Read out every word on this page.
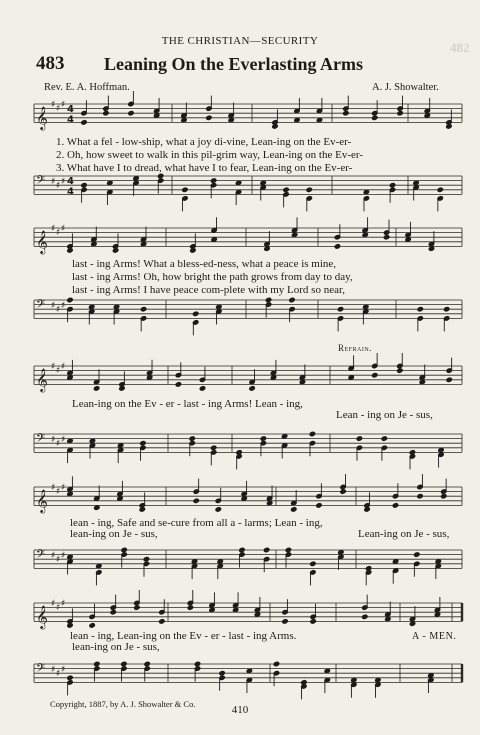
482
THE CHRISTIAN—SECURITY
483 Leaning On the Everlasting Arms
Rev. E. A. Hoffman.	A. J. Showalter.
𝄞
♯ ♯ ♯ 4
4
𝄢 ♯ ♯ ♯ 4
4
𝄞
♯ ♯ ♯
𝄢 ♯ ♯ ♯
𝄞
♯ ♯ ♯
𝄢 ♯ ♯ ♯
𝄞
♯ ♯ ♯
𝄢 ♯ ♯ ♯
𝄞
♯ ♯ ♯
𝄢 ♯ ♯ ♯
1. What a fel - low-ship, what a joy di-vine, Lean-ing on the Ev-er-
2. Oh, how sweet to walk in this pil-grim way, Lean-ing on the Ev-er-
3. What have I to dread, what have I to fear, Lean-ing on the Ev-er-
last - ing Arms! What a bless-ed-ness, what a peace is mine,
last - ing Arms! Oh, how bright the path grows from day to day,
last - ing Arms! I have peace com-plete with my Lord so near,
Refrain.
Lean-ing on the Ev - er - last - ing Arms! Lean - ing,
Lean - ing on Je - sus,
lean - ing, Safe and se-cure from all a - larms; Lean - ing,
lean-ing on Je - sus,	Lean-ing on Je - sus,
lean - ing, Lean-ing on the Ev - er - last - ing Arms.	A - MEN.
lean-ing on Je - sus,
Copyright, 1887, by A. J. Showalter & Co.	410
